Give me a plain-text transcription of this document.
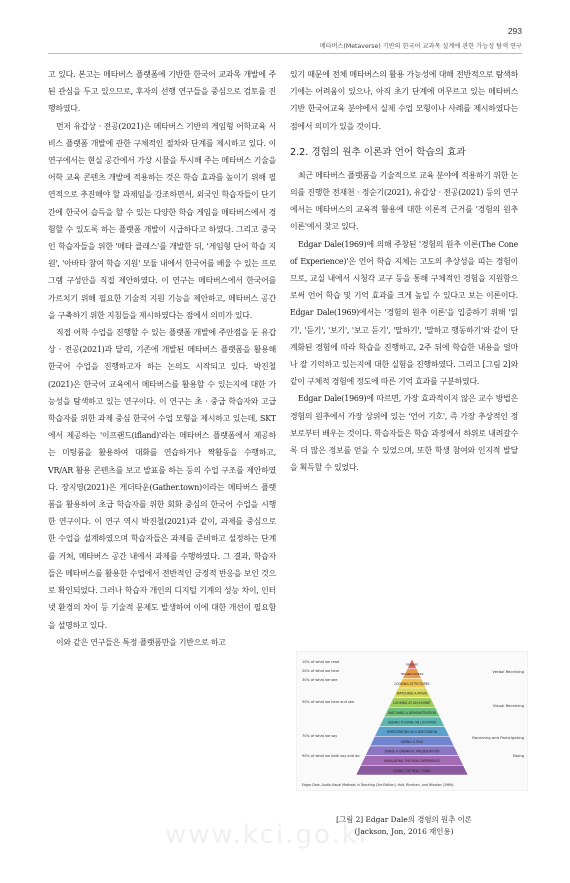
293
메타버스(Metaverse) 기반의 한국어 교과목 설계에 관한 가능성 탐색 연구

고 있다. 본고는 메타버스 플랫폼에 기반한 한국어 교과목 개발에 주된 관심을 두고 있으므로, 후자의 선행 연구들을 중심으로 검토를 진행하였다.

먼저 유갑상 · 전공(2021)은 메타버스 기반의 게임형 어학교육 서비스 플랫폼 개발에 관한 구체적인 절차와 단계를 제시하고 있다. 이 연구에서는 현실 공간에서 가상 시뮬을 투시해 주는 메타버스 기술을 어학 교육 콘텐츠 개발에 적용하는 것은 학습 효과를 높이기 위해 필연적으로 추진해야 할 과제임을 강조하면서, 외국인 학습자들이 단기간에 한국어 습득을 할 수 있는 다양한 학습 게임을 메타버스에서 경험할 수 있도록 하는 플랫폼 개발이 시급하다고 하였다. 그리고 중국인 학습자들을 위한 '메타 클래스'를 개발한 뒤, '게임형 단어 학습 지원', '아바타 참여 학습 지원' 모듈 내에서 한국어를 배울 수 있는 프로그램 구성안을 직접 제안하였다. 이 연구는 메타버스에서 한국어를 가르치기 위해 필요한 기술적 지원 기능을 제안하고, 메타버스 공간을 구축하기 위한 지침들을 제시하였다는 점에서 의미가 있다.

직접 어학 수업을 진행할 수 있는 플랫폼 개발에 주안점을 둔 유갑상 · 전공(2021)과 달리, 기존에 개발된 메타버스 플랫폼을 활용해 한국어 수업을 진행하고자 하는 논의도 시작되고 있다. 박진철(2021)은 한국어 교육에서 메타버스를 활용할 수 있는지에 대한 가능성을 탐색하고 있는 연구이다. 이 연구는 초 · 중급 학습자와 고급 학습자를 위한 과제 중심 한국어 수업 모형을 제시하고 있는데, SKT에서 제공하는 '이프랜드(ifland)'라는 메타버스 플랫폼에서 제공하는 미팅룸을 활용하여 대화를 연습하거나 짝활동을 수행하고, VR/AR 활용 콘텐츠를 보고 발표를 하는 등의 수업 구조를 제안하였다. 장지영(2021)은 게더타운(Gather.town)이라는 메타버스 플랫폼을 활용하여 초급 학습자를 위한 회화 중심의 한국어 수업을 시행한 연구이다. 이 연구 역시 박진철(2021)과 같이, 과제를 중심으로 한 수업을 설계하였으며 학습자들은 과제를 준비하고 설정하는 단계를 거쳐, 메타버스 공간 내에서 과제를 수행하였다. 그 결과, 학습자들은 메타버스를 활용한 수업에서 전반적인 긍정적 반응을 보인 것으로 확인되었다. 그러나 학습자 개인의 디지털 기계의 성능 차이, 인터넷 환경의 차이 등 기술적 문제도 발생하여 이에 대한 개선이 필요함을 설명하고 있다.

이와 같은 연구들은 특정 플랫폼만을 기반으로 하고

있기 때문에 전체 메타버스의 활용 가능성에 대해 전반적으로 탐색하기에는 어려움이 있으나, 아직 초기 단계에 머무르고 있는 메타버스 기반 한국어교육 분야에서 실제 수업 모형이나 사례를 제시하였다는 점에서 의미가 있을 것이다.

2.2. 경험의 원추 이론과 언어 학습의 효과

최근 메타버스 플랫폼을 기술적으로 교육 분야에 적용하기 위한 논의를 진행한 전재천 · 정순기(2021), 유갑상 · 전공(2021) 등의 연구에서는 메타버스의 교육적 활용에 대한 이론적 근거를 '경험의 원추 이론'에서 찾고 있다.

Edgar Dale(1969)에 의해 주창된 '경험의 원추 이론(The Cone of Experience)'은 언어 학습 지체는 고도의 추상성을 띠는 경험이므로, 교실 내에서 시청각 교구 등을 통해 구체적인 경험을 지원함으로써 언어 학습 및 기억 효과를 크게 높일 수 있다고 보는 이론이다. Edgar Dale(1969)에서는 '경험의 원추 이론'을 입증하기 위해 '읽기', '듣기', '보기', '보고 듣기', '말하기', '말하고 행동하기'와 같이 단계화된 경험에 따라 학습을 진행하고, 2주 뒤에 학습한 내용을 얼마나 잘 기억하고 있는지에 대한 실험을 진행하였다. 그리고 [그림 2]와 같이 구체적 경험에 정도에 따른 기억 효과를 구분하였다.

Edgar Dale(1969)에 따르면, 가장 효과적이지 않은 교수 방법은 경험의 원추에서 가장 상위에 있는 '언어 기호', 즉 가장 추상적인 정보로부터 배우는 것이다. 학습자들은 학습 과정에서 하위로 내려갈수록 더 많은 정보를 얻을 수 있었으며, 또한 학생 참여와 인지적 발달을 획득할 수 있었다.

READING
HEARING WORDS
LOOKING AT PICTURES
WATCHING A MOVIE
LOOKING AT AN EXHIBIT
WATCHING A DEMONSTRATION
SEEING IT DONE ON LOCATION
PARTICIPATING IN A DISCUSSION
GIVING A TALK
DOING A DRAMATIC PRESENTATION
SIMULATING THE REAL EXPERIENCE
DOING THE REAL THING
10% of what we read
20% of what we hear
30% of what we see
50% of what we hear and see
70% of what we say
90% of what we both say and do
Verbal Receiving
Visual Receiving
Receiving and Participating
Doing
Edgar Dale, Audio-Visual Methods in Teaching (3rd Edition), Holt, Rinehart, and Winston (1969).
[그림 2] Edgar Dale의 경험의 원추 이론
(Jackson, Jon, 2016 재인용)
www.kci.go.kr
